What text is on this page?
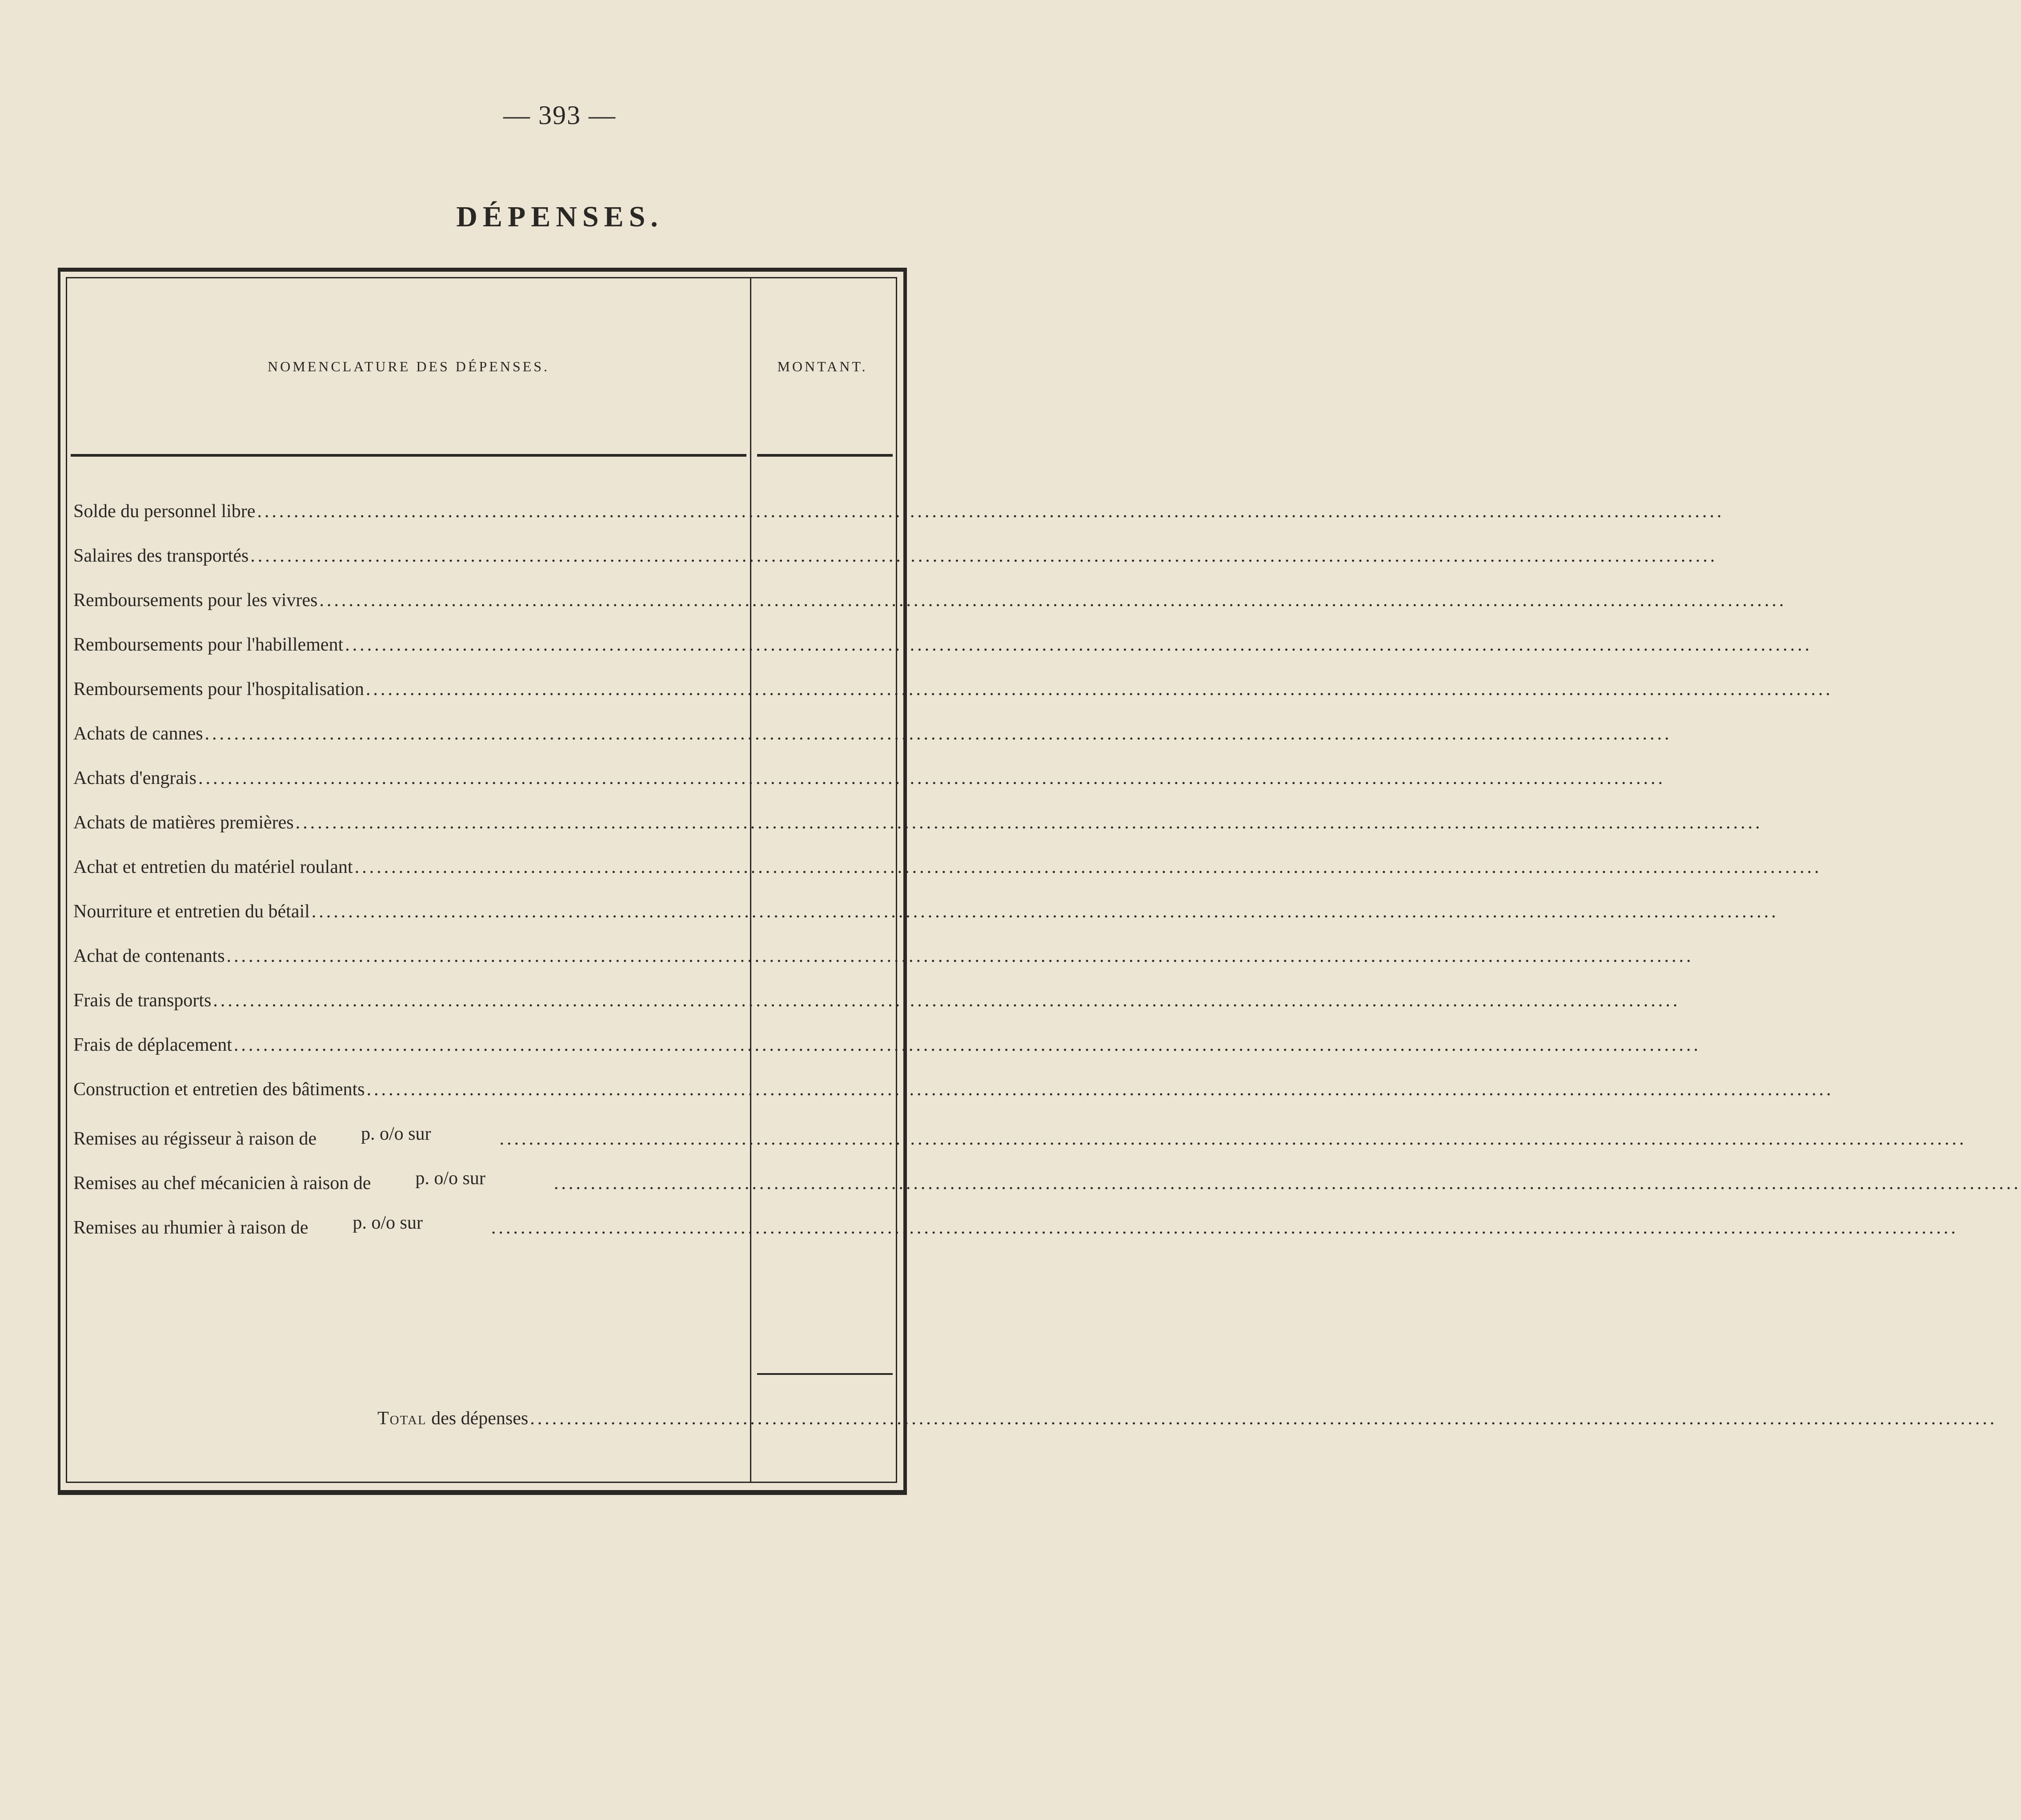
— 393 —
DÉPENSES.
NOMENCLATURE DES DÉPENSES.	MONTANT.
Solde du personnel libre ........................................................................................................................................................................................................
Salaires des transportés ........................................................................................................................................................................................................
Remboursements pour les vivres ........................................................................................................................................................................................................
Remboursements pour l'habillement ........................................................................................................................................................................................................
Remboursements pour l'hospitalisation ........................................................................................................................................................................................................
Achats de cannes ........................................................................................................................................................................................................
Achats d'engrais ........................................................................................................................................................................................................
Achats de matières premières ........................................................................................................................................................................................................
Achat et entretien du matériel roulant ........................................................................................................................................................................................................
Nourriture et entretien du bétail ........................................................................................................................................................................................................
Achat de contenants ........................................................................................................................................................................................................
Frais de transports ........................................................................................................................................................................................................
Frais de déplacement ........................................................................................................................................................................................................
Construction et entretien des bâtiments ........................................................................................................................................................................................................
Remises au régisseur à raison de p. o/o sur	........................................................................................................................................................................................................
Remises au chef mécanicien à raison de p. o/o sur	........................................................................................................................................................................................................
Remises au rhumier à raison de p. o/o sur	........................................................................................................................................................................................................
Total des dépenses ........................................................................................................................................................................................................
